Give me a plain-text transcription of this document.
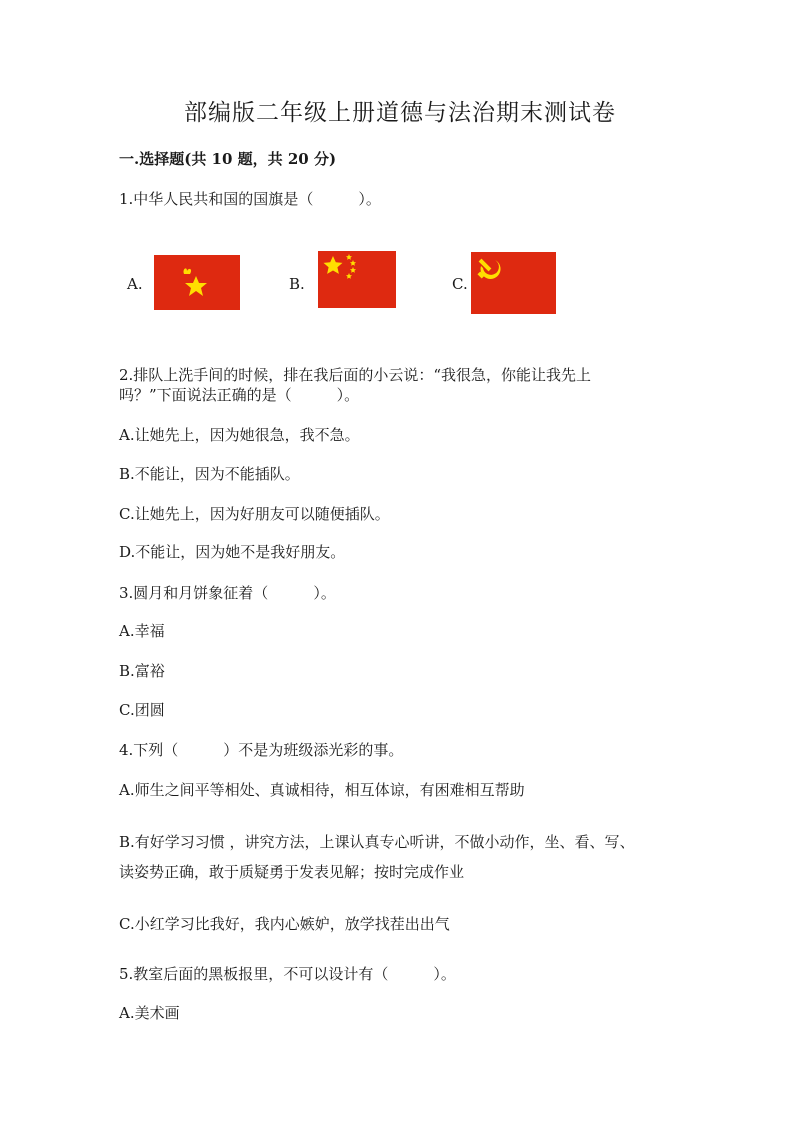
部编版二年级上册道德与法治期末测试卷
一.选择题(共 10 题，共 20 分)
1.中华人民共和国的国旗是（　　　）。
A.	B.	C.
2.排队上洗手间的时候，排在我后面的小云说：“我很急，你能让我先上
吗？”下面说法正确的是（　　　）。
A.让她先上，因为她很急，我不急。
B.不能让，因为不能插队。
C.让她先上，因为好朋友可以随便插队。
D.不能让，因为她不是我好朋友。
3.圆月和月饼象征着（　　　）。
A.幸福
B.富裕
C.团圆
4.下列（　　　）不是为班级添光彩的事。
A.师生之间平等相处、真诚相待，相互体谅，有困难相互帮助
B.有好学习习惯 ，讲究方法，上课认真专心听讲，不做小动作，坐、看、写、
读姿势正确，敢于质疑勇于发表见解；按时完成作业
C.小红学习比我好，我内心嫉妒，放学找茬出出气
5.教室后面的黑板报里，不可以设计有（　　　）。
A.美术画
